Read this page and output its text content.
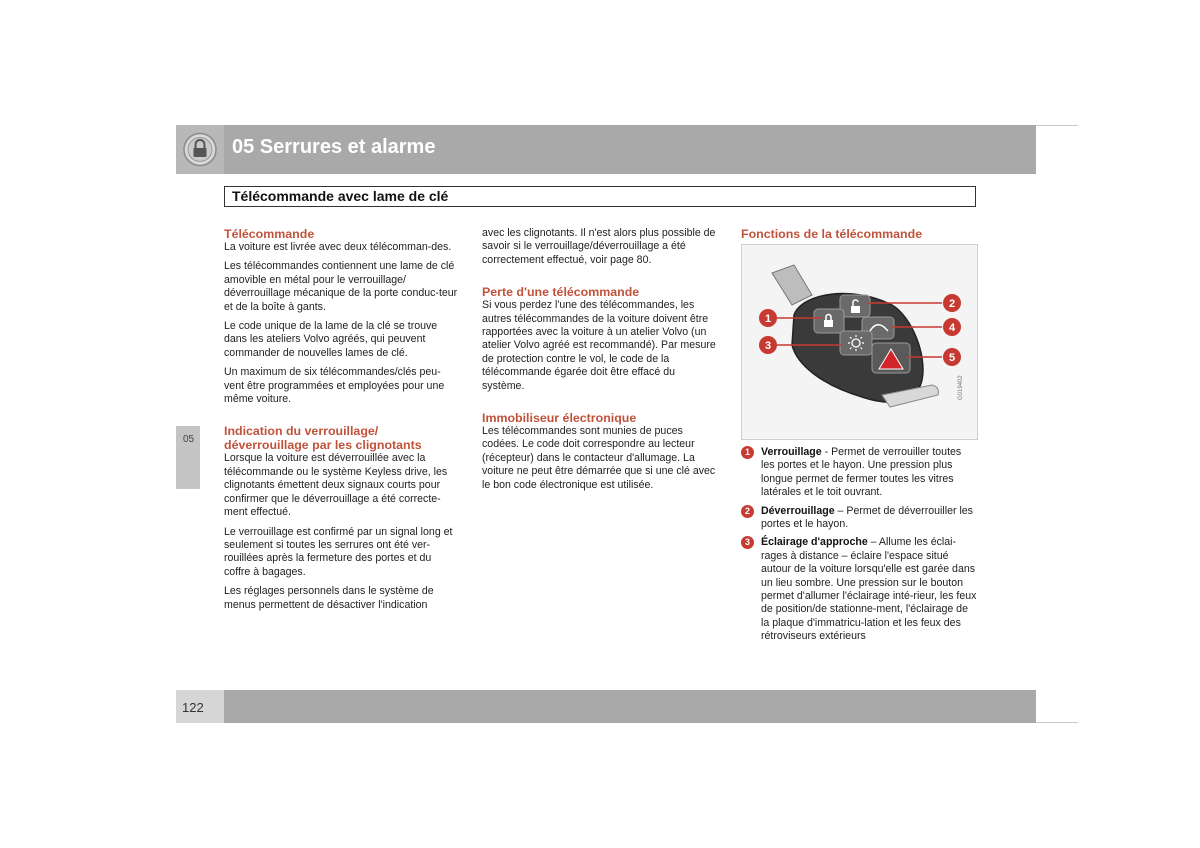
05 Serrures et alarme
Télécommande avec lame de clé
05
Télécommande

La voiture est livrée avec deux télécomman-des.

Les télécommandes contiennent une lame de clé amovible en métal pour le verrouillage/ déverrouillage mécanique de la porte conduc-teur et de la boîte à gants.

Le code unique de la lame de la clé se trouve dans les ateliers Volvo agréés, qui peuvent commander de nouvelles lames de clé.

Un maximum de six télécommandes/clés peu-vent être programmées et employées pour une même voiture.

Indication du verrouillage/ déverrouillage par les clignotants

Lorsque la voiture est déverrouillée avec la télécommande ou le système Keyless drive, les clignotants émettent deux signaux courts pour confirmer que le déverrouillage a été correcte-ment effectué.

Le verrouillage est confirmé par un signal long et seulement si toutes les serrures ont été ver-rouillées après la fermeture des portes et du coffre à bagages.

Les réglages personnels dans le système de menus permettent de désactiver l'indication

avec les clignotants. Il n'est alors plus possible de savoir si le verrouillage/déverrouillage a été correctement effectué, voir page 80.

Perte d'une télécommande

Si vous perdez l'une des télécommandes, les autres télécommandes de la voiture doivent être rapportées avec la voiture à un atelier Volvo (un atelier Volvo agréé est recommandé). Par mesure de protection contre le vol, le code de la télécommande égarée doit être effacé du système.

Immobiliseur électronique

Les télécommandes sont munies de puces codées. Le code doit correspondre au lecteur (récepteur) dans le contacteur d'allumage. La voiture ne peut être démarrée que si une clé avec le bon code électronique est utilisée.

Fonctions de la télécommande
1
2
3
4
5
G019402
1	Verrouillage - Permet de verrouiller toutes les portes et le hayon. Une pression plus longue permet de fermer toutes les vitres latérales et le toit ouvrant.
2	Déverrouillage – Permet de déverrouiller les portes et le hayon.
3	Éclairage d'approche – Allume les éclai-rages à distance – éclaire l'espace situé autour de la voiture lorsqu'elle est garée dans un lieu sombre. Une pression sur le bouton permet d'allumer l'éclairage inté-rieur, les feux de position/de stationne-ment, l'éclairage de la plaque d'immatricu-lation et les feux des rétroviseurs extérieurs
122
